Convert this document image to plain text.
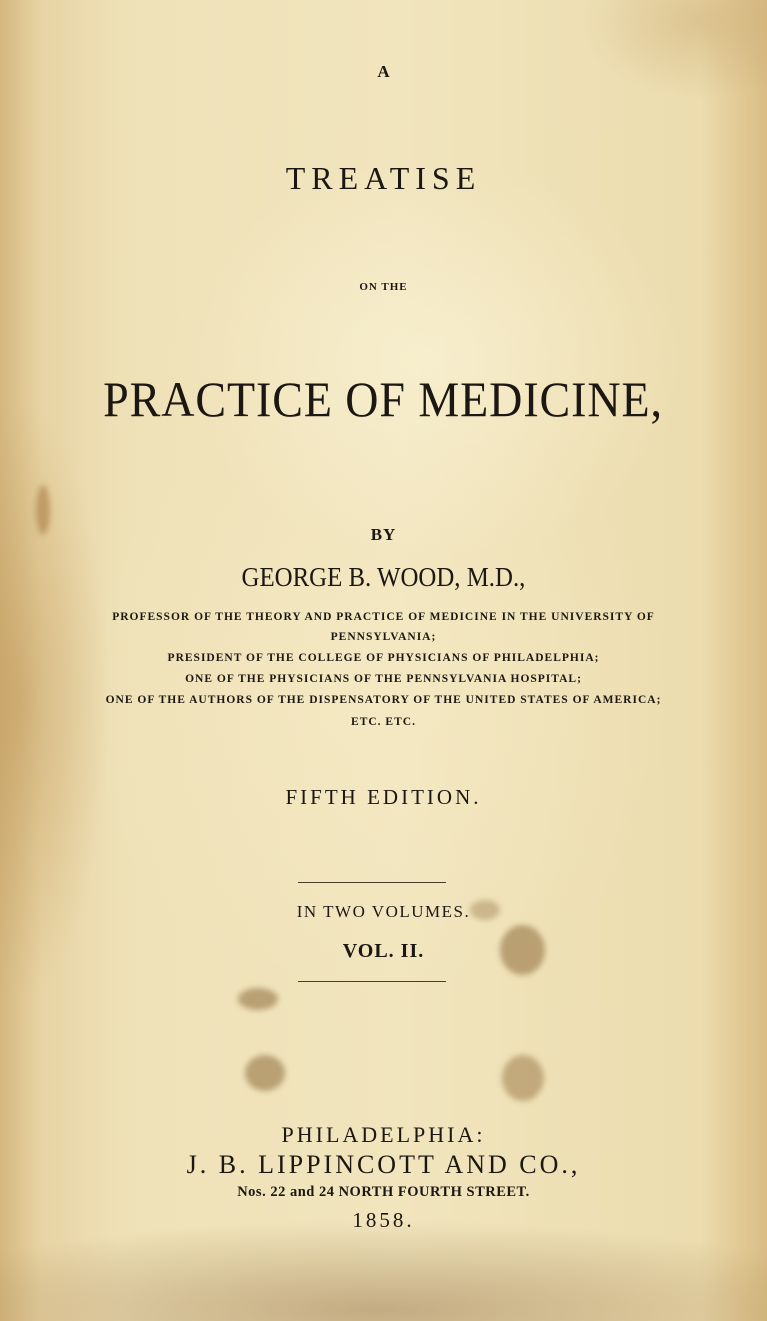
A
TREATISE
ON THE
PRACTICE OF MEDICINE,
BY
GEORGE B. WOOD, M.D.,
PROFESSOR OF THE THEORY AND PRACTICE OF MEDICINE IN THE UNIVERSITY OF
PENNSYLVANIA;
PRESIDENT OF THE COLLEGE OF PHYSICIANS OF PHILADELPHIA;
ONE OF THE PHYSICIANS OF THE PENNSYLVANIA HOSPITAL;
ONE OF THE AUTHORS OF THE DISPENSATORY OF THE UNITED STATES OF AMERICA;
ETC. ETC.
FIFTH EDITION.
IN TWO VOLUMES.
VOL. II.
PHILADELPHIA:
J. B. LIPPINCOTT AND CO.,
Nos. 22 and 24 NORTH FOURTH STREET.
1858.
